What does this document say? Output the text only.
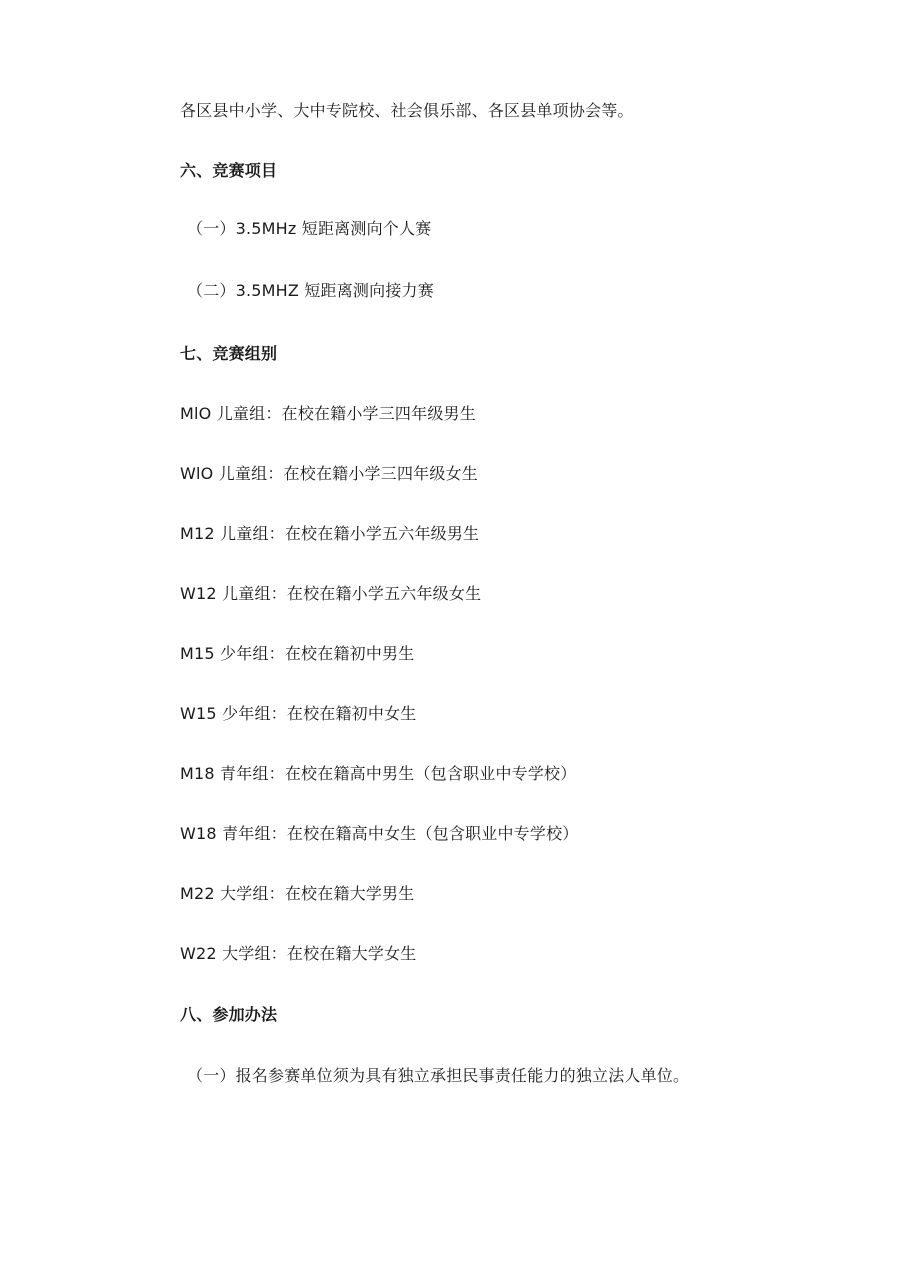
各区县中小学、大中专院校、社会俱乐部、各区县单项协会等。
六、竞赛项目
（一）3.5MHz 短距离测向个人赛
（二）3.5MHZ 短距离测向接力赛
七、竞赛组别
MlO 儿童组：在校在籍小学三四年级男生
WlO 儿童组：在校在籍小学三四年级女生
M12 儿童组：在校在籍小学五六年级男生
W12 儿童组：在校在籍小学五六年级女生
M15 少年组：在校在籍初中男生
W15 少年组：在校在籍初中女生
M18 青年组：在校在籍高中男生（包含职业中专学校）
W18 青年组：在校在籍高中女生（包含职业中专学校）
M22 大学组：在校在籍大学男生
W22 大学组：在校在籍大学女生
八、参加办法
（一）报名参赛单位须为具有独立承担民事责任能力的独立法人单位。
